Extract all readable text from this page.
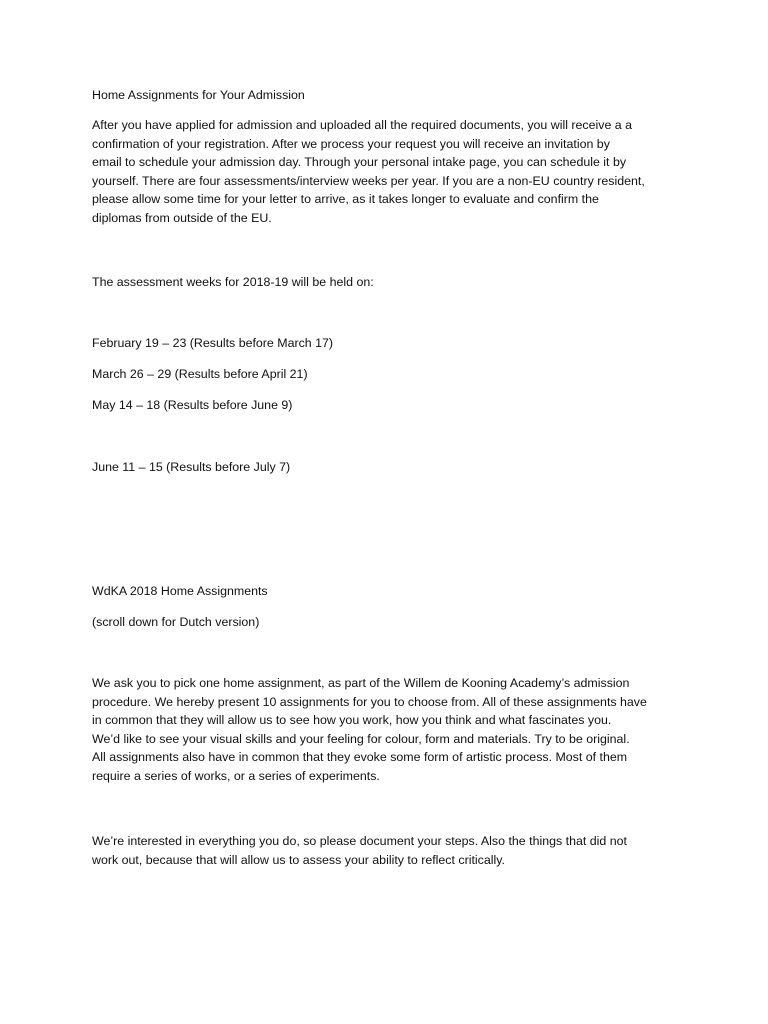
Home Assignments for Your Admission

After you have applied for admission and uploaded all the required documents, you will receive a a
confirmation of your registration. After we process your request you will receive an invitation by
email to schedule your admission day. Through your personal intake page, you can schedule it by
yourself. There are four assessments/interview weeks per year. If you are a non-EU country resident,
please allow some time for your letter to arrive, as it takes longer to evaluate and confirm the
diplomas from outside of the EU.

The assessment weeks for 2018-19 will be held on:

February 19 – 23 (Results before March 17)

March 26 – 29 (Results before April 21)

May 14 – 18 (Results before June 9)

June 11 – 15 (Results before July 7)

WdKA 2018 Home Assignments

(scroll down for Dutch version)

We ask you to pick one home assignment, as part of the Willem de Kooning Academy’s admission
procedure. We hereby present 10 assignments for you to choose from. All of these assignments have
in common that they will allow us to see how you work, how you think and what fascinates you.
We’d like to see your visual skills and your feeling for colour, form and materials. Try to be original.
All assignments also have in common that they evoke some form of artistic process. Most of them
require a series of works, or a series of experiments.
We’re interested in everything you do, so please document your steps. Also the things that did not
work out, because that will allow us to assess your ability to reflect critically.
